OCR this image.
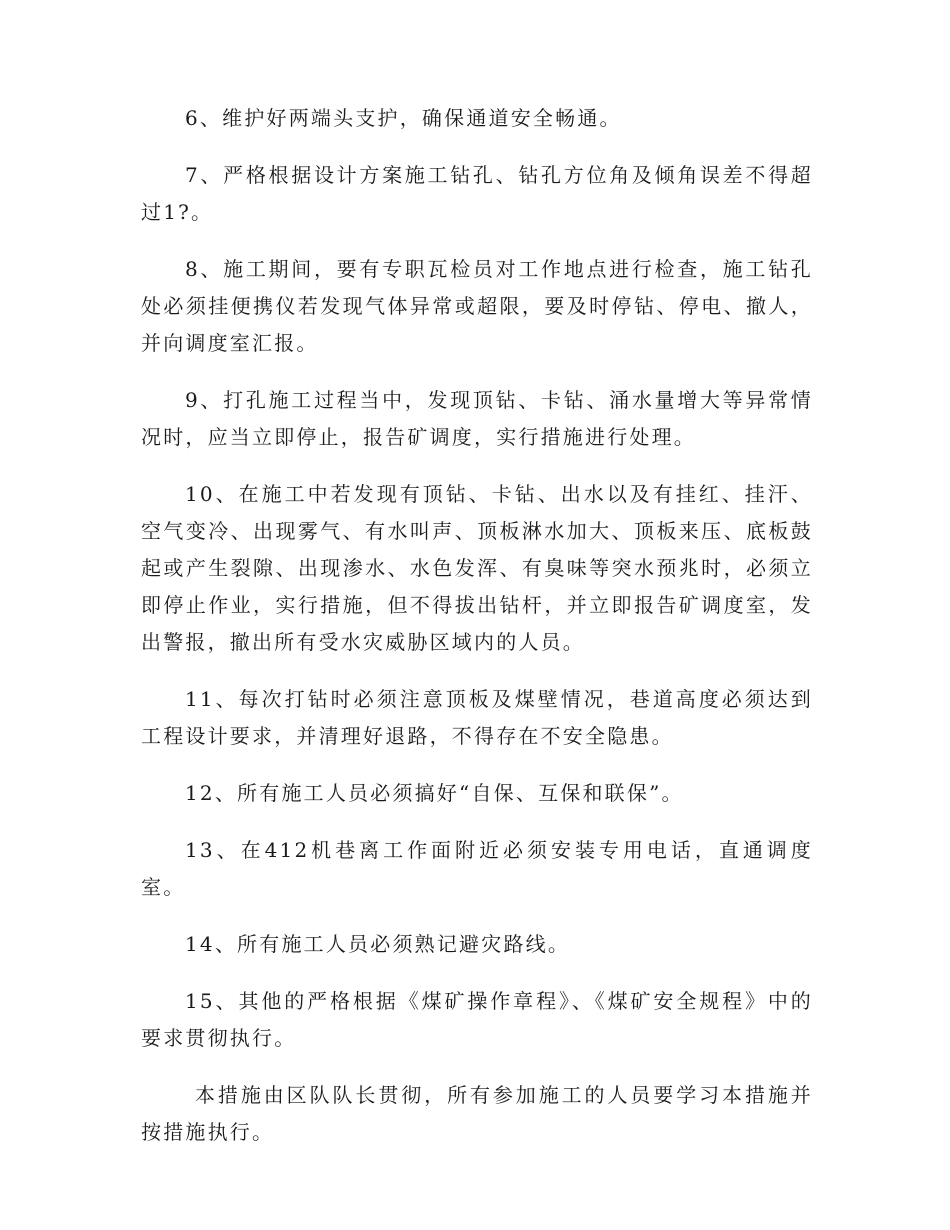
6、维护好两端头支护，确保通道安全畅通。

7、严格根据设计方案施工钻孔、钻孔方位角及倾角误差不得超过1?。

8、施工期间，要有专职瓦检员对工作地点进行检查，施工钻孔处必须挂便携仪若发现气体异常或超限，要及时停钻、停电、撤人，并向调度室汇报。

9、打孔施工过程当中，发现顶钻、卡钻、涌水量增大等异常情况时，应当立即停止，报告矿调度，实行措施进行处理。

10、在施工中若发现有顶钻、卡钻、出水以及有挂红、挂汗、空气变冷、出现雾气、有水叫声、顶板淋水加大、顶板来压、底板鼓起或产生裂隙、出现渗水、水色发浑、有臭味等突水预兆时，必须立即停止作业，实行措施，但不得拔出钻杆，并立即报告矿调度室，发出警报，撤出所有受水灾威胁区域内的人员。

11、每次打钻时必须注意顶板及煤壁情况，巷道高度必须达到工程设计要求，并清理好退路，不得存在不安全隐患。

12、所有施工人员必须搞好“自保、互保和联保”。

13、在412机巷离工作面附近必须安装专用电话，直通调度室。

14、所有施工人员必须熟记避灾路线。

15、其他的严格根据《煤矿操作章程》、《煤矿安全规程》中的要求贯彻执行。

本措施由区队队长贯彻，所有参加施工的人员要学习本措施并按措施执行。
